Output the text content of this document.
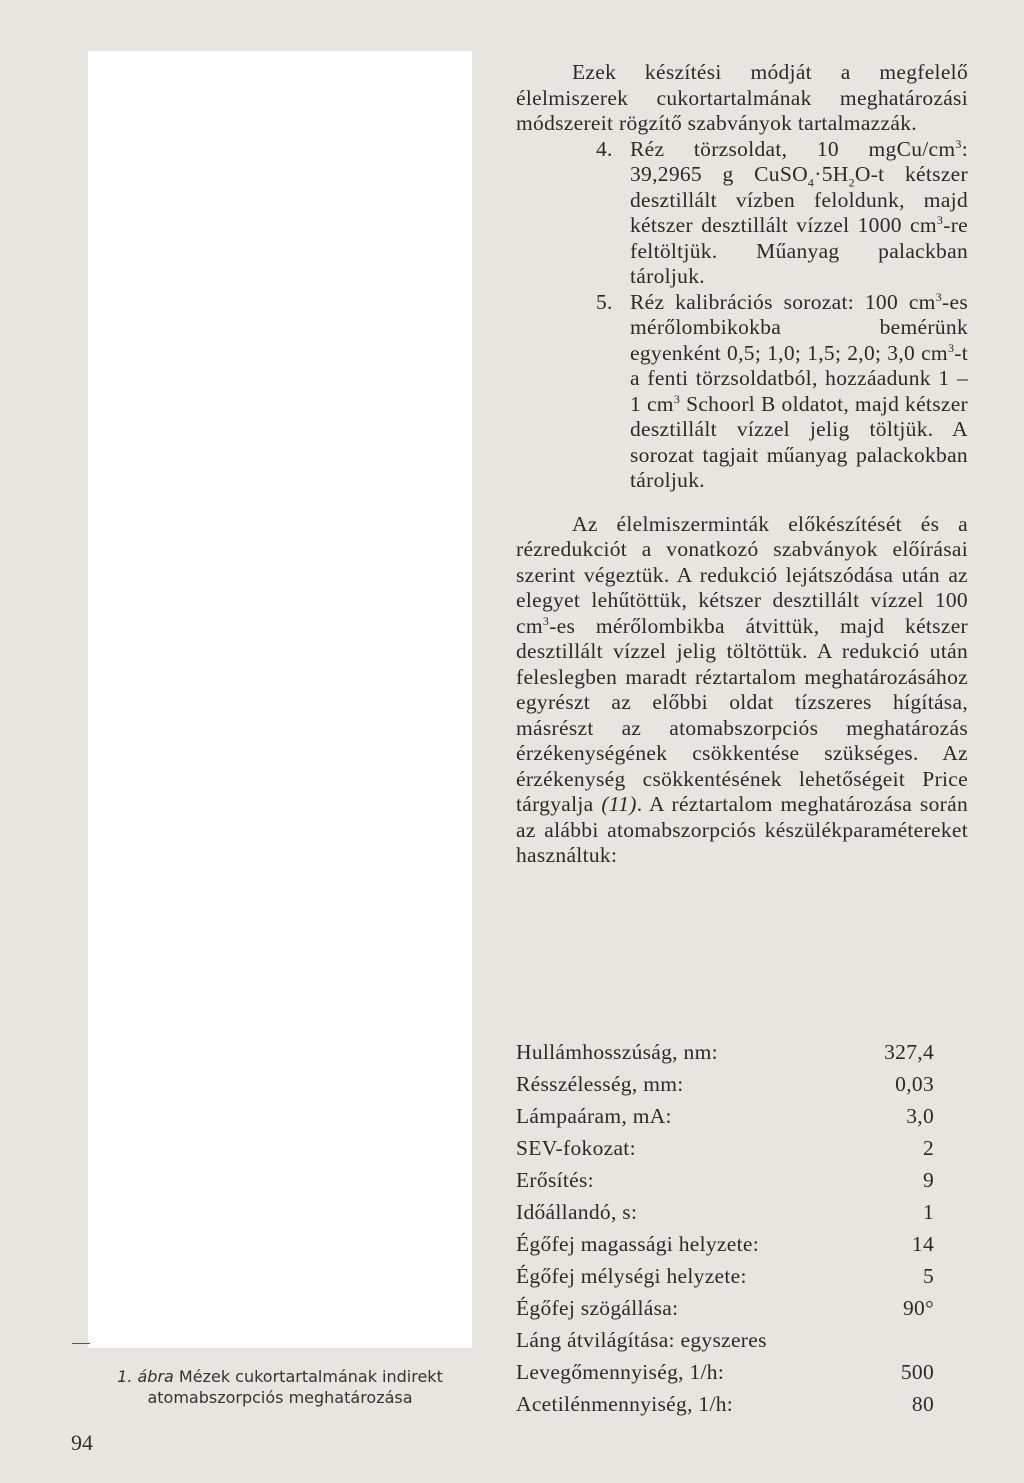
1. ábra Mézek cukortartalmának indirekt
atomabszorpciós meghatározása
94

Ezek készítési módját a megfelelő élelmiszerek cukortartalmának meghatározási módszereit rögzítő szabványok tartalmazzák.

4. Réz törzsoldat, 10 mgCu/$cm^3$: 39,2965 g $CuSO_4\cdot 5H_2O-t$ kétszer desztillált vízben feloldunk, majd kétszer desztillált vízzel 1000 $cm^3-re$ feltöltjük. Műanyag palackban tároljuk.

5. Réz kalibrációs sorozat: 100 $cm^3-es$ mérőlombikokba bemérünk egyenként 0,5; 1,0; 1,5; 2,0; 3,0 $cm^3-t$ a fenti törzsoldatból, hozzáadunk 1 – 1 $cm^3$ Schoorl B oldatot, majd kétszer desztillált vízzel jelig töltjük. A sorozat tagjait műanyag palackokban tároljuk.

Az élelmiszerminták előkészítését és a rézredukciót a vonatkozó szabványok előírásai szerint végeztük. A redukció lejátszódása után az elegyet lehűtöttük, kétszer desztillált vízzel 100 $cm^3-es$ mérőlombikba átvittük, majd kétszer desztillált vízzel jelig töltöttük. A redukció után feleslegben maradt réztartalom meghatározásához egyrészt az előbbi oldat tízszeres hígítása, másrészt az atomabszorpciós meghatározás érzékenységének csökkentése szükséges. Az érzékenység csökkentésének lehetőségeit Price tárgyalja (11). A réztartalom meghatározása során az alábbi atomabszorpciós készülékparamétereket használtuk:

Hullámhosszúság, nm:	327,4
Résszélesség, mm:	0,03
Lámpaáram, mA:	3,0
SEV-fokozat:	2
Erősítés:	9
Időállandó, s:	1
Égőfej magassági helyzete:	14
Égőfej mélységi helyzete:	5
Égőfej szögállása:	90°
Láng átvilágítása: egyszeres
Levegőmennyiség, 1/h:	500
Acetilénmennyiség, 1/h:	80
